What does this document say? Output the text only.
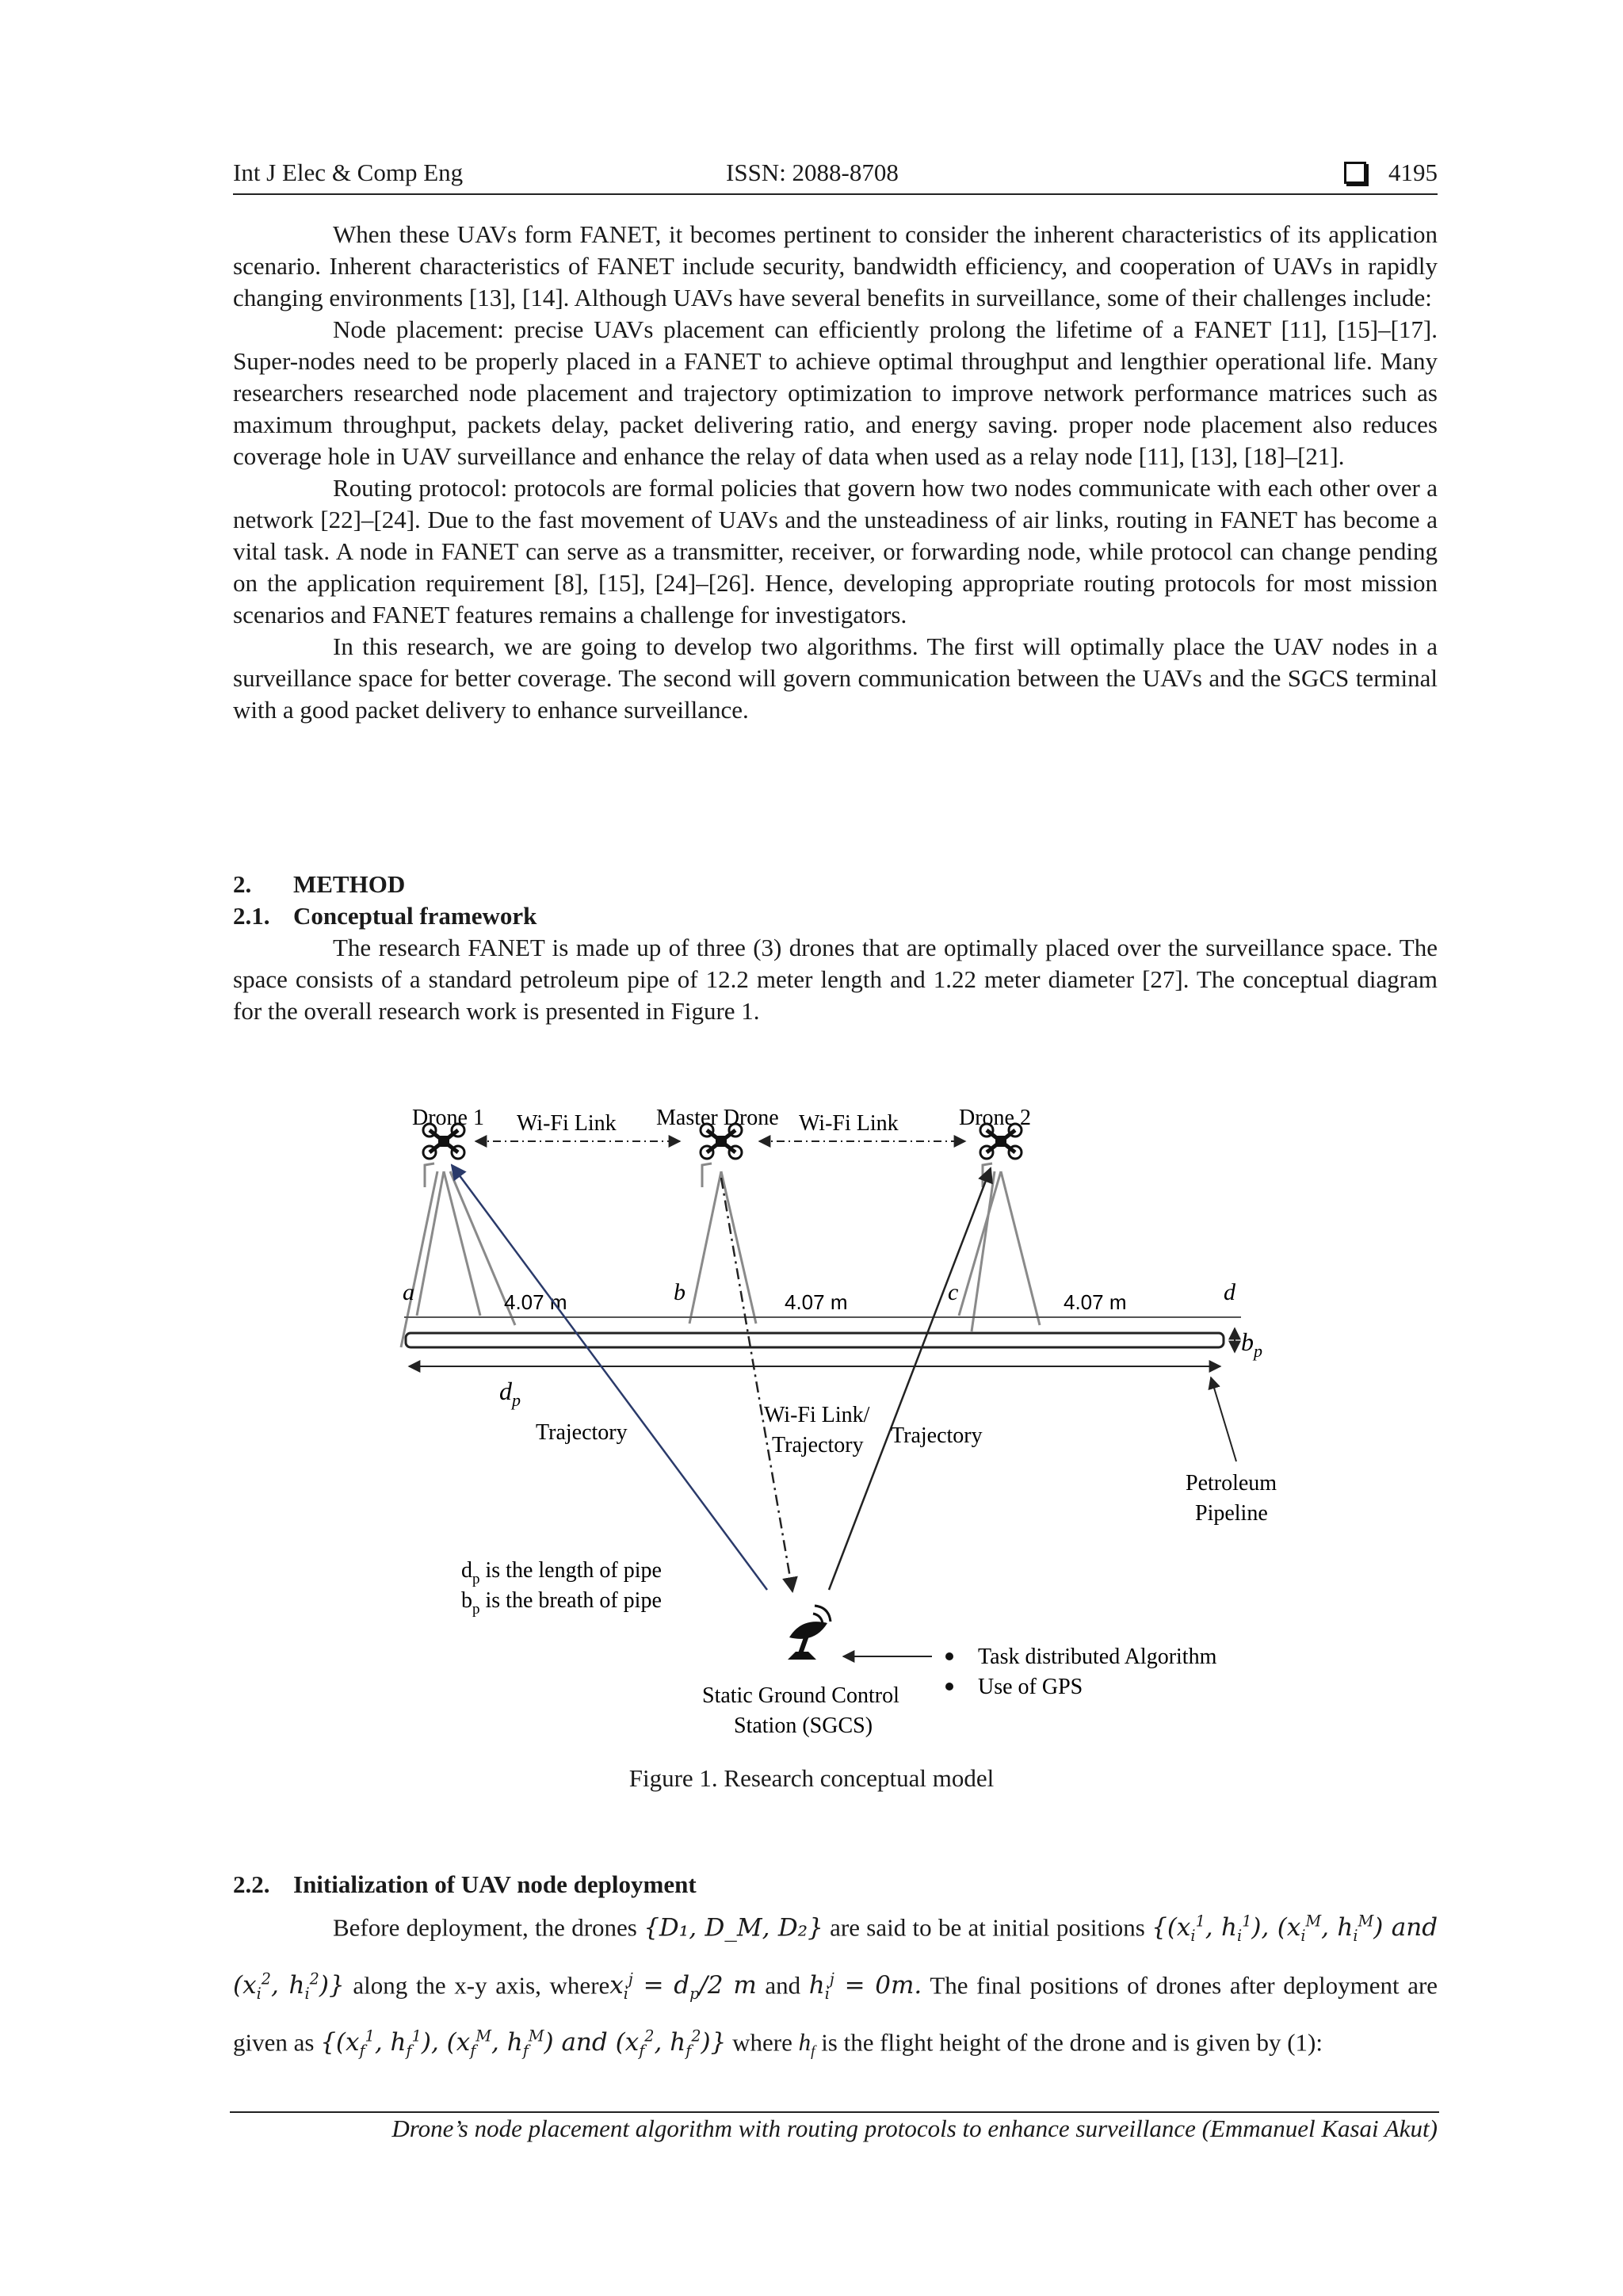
Int J Elec & Comp Eng	ISSN: 2088-8708	4195

When these UAVs form FANET, it becomes pertinent to consider the inherent characteristics of its application scenario. Inherent characteristics of FANET include security, bandwidth efficiency, and cooperation of UAVs in rapidly changing environments [13], [14]. Although UAVs have several benefits in surveillance, some of their challenges include:

Node placement: precise UAVs placement can efficiently prolong the lifetime of a FANET [11], [15]–[17]. Super-nodes need to be properly placed in a FANET to achieve optimal throughput and lengthier operational life. Many researchers researched node placement and trajectory optimization to improve network performance matrices such as maximum throughput, packets delay, packet delivering ratio, and energy saving. proper node placement also reduces coverage hole in UAV surveillance and enhance the relay of data when used as a relay node [11], [13], [18]–[21].

Routing protocol: protocols are formal policies that govern how two nodes communicate with each other over a network [22]–[24]. Due to the fast movement of UAVs and the unsteadiness of air links, routing in FANET has become a vital task. A node in FANET can serve as a transmitter, receiver, or forwarding node, while protocol can change pending on the application requirement [8], [15], [24]–[26]. Hence, developing appropriate routing protocols for most mission scenarios and FANET features remains a challenge for investigators.

In this research, we are going to develop two algorithms. The first will optimally place the UAV nodes in a surveillance space for better coverage. The second will govern communication between the UAVs and the SGCS terminal with a good packet delivery to enhance surveillance.

2. METHOD
2.1. Conceptual framework

The research FANET is made up of three (3) drones that are optimally placed over the surveillance space. The space consists of a standard petroleum pipe of 12.2 meter length and 1.22 meter diameter [27]. The conceptual diagram for the overall research work is presented in Figure 1.

Drone 1	Master Drone	Drone 2
Wi-Fi Link	Wi-Fi Link
a	b	c	d
4.07 m	4.07 m	4.07 m
$b_p$
$d_p$
Trajectory
Wi-Fi Link/
Trajectory Trajectory
Petroleum
Pipeline
$d_p$ is the length of pipe
$b_p$ is the breath of pipe
Task distributed Algorithm
Use of GPS
Static Ground Control
Station (SGCS)
Figure 1. Research conceptual model
2.2. Initialization of UAV node deployment

Before deployment, the drones {D₁, D_M, D₂} are said to be at initial positions {($x_i^1$, $h_i^1$), ($x_i^M$, $h_i^M$) and ($x_i^2$, $h_i^2$)} along the x-y axis, wherex$_i^j$ = $d_p/2$ m and $h_i^j = 0m$. The final positions of drones after deployment are given as {($x_f^1$, $h_f^1$), ($x_f^M$, $h_f^M$) and ($x_f^2$, $h_f^2$)} where $h_f$ is the flight height of the drone and is given by (1):

Drone’s node placement algorithm with routing protocols to enhance surveillance (Emmanuel Kasai Akut)
